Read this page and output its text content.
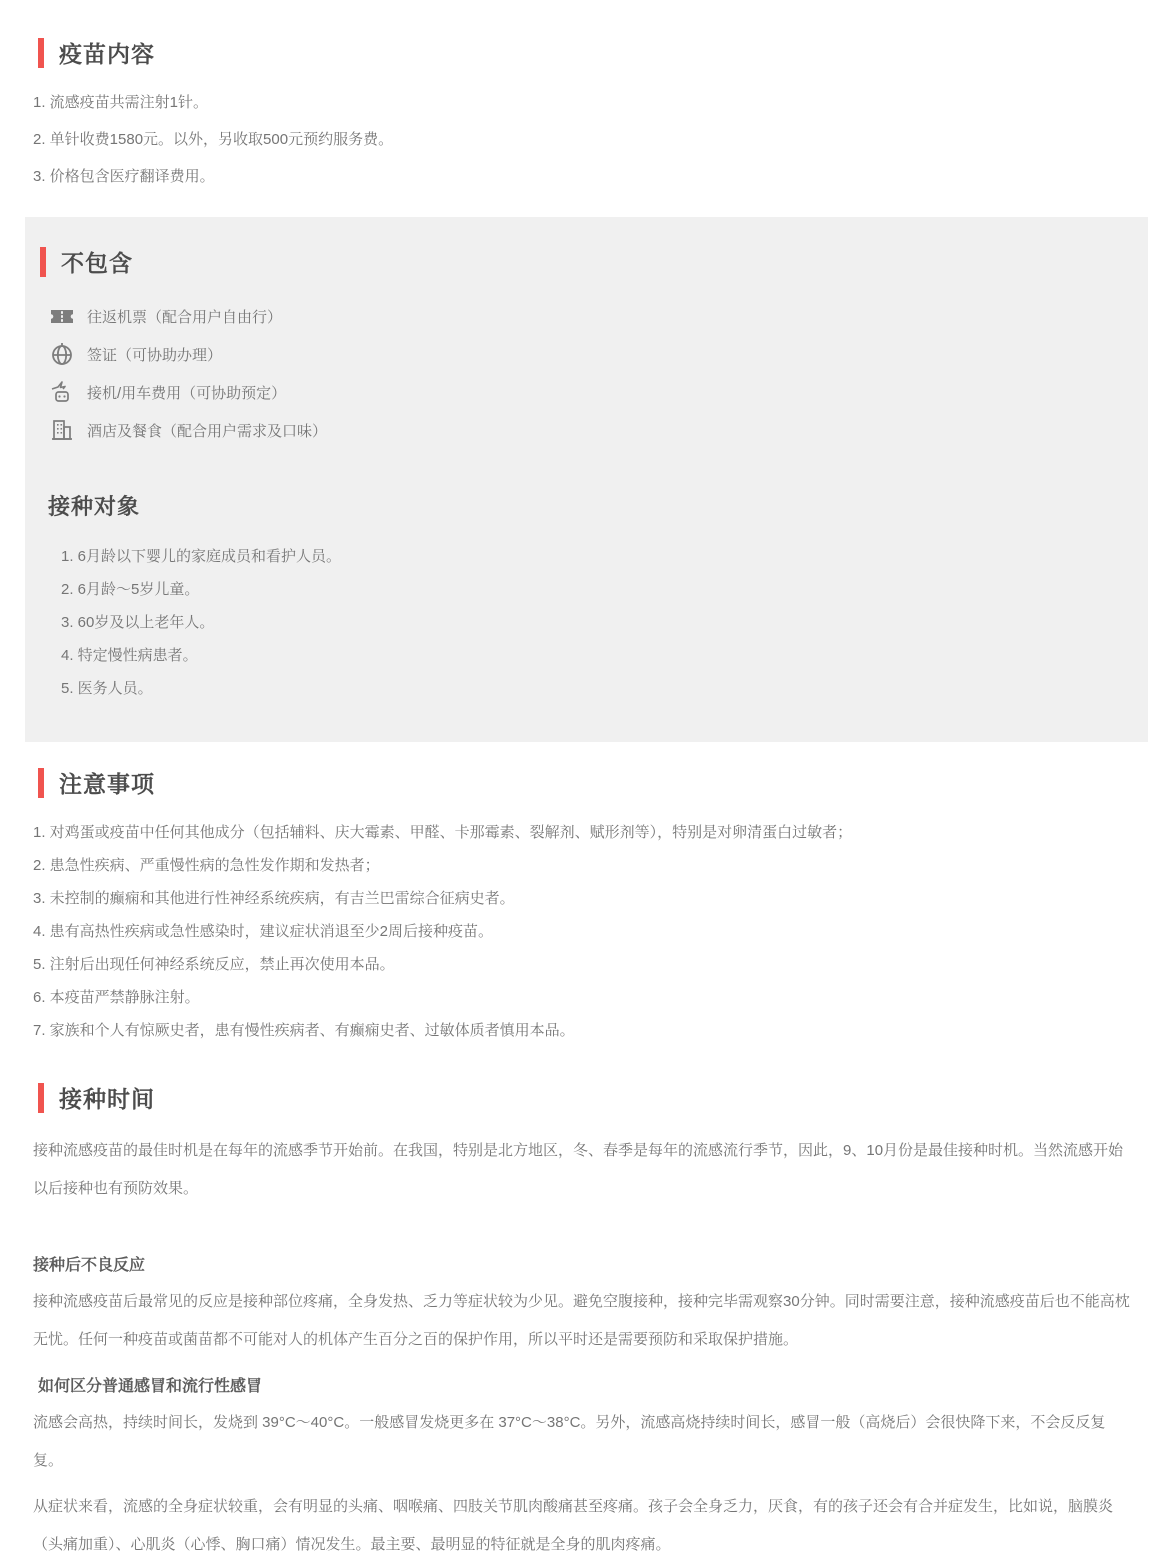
疫苗内容
1. 流感疫苗共需注射1针。
2. 单针收费1580元。以外，另收取500元预约服务费。
3. 价格包含医疗翻译费用。
不包含
往返机票（配合用户自由行）
签证（可协助办理）
接机/用车费用（可协助预定）
酒店及餐食（配合用户需求及口味）
接种对象
1. 6月龄以下婴儿的家庭成员和看护人员。
2. 6月龄～5岁儿童。
3. 60岁及以上老年人。
4. 特定慢性病患者。
5. 医务人员。
注意事项
1. 对鸡蛋或疫苗中任何其他成分（包括辅料、庆大霉素、甲醛、卡那霉素、裂解剂、赋形剂等），特别是对卵清蛋白过敏者；
2. 患急性疾病、严重慢性病的急性发作期和发热者；
3. 未控制的癫痫和其他进行性神经系统疾病，有吉兰巴雷综合征病史者。
4. 患有高热性疾病或急性感染时，建议症状消退至少2周后接种疫苗。
5. 注射后出现任何神经系统反应，禁止再次使用本品。
6. 本疫苗严禁静脉注射。
7. 家族和个人有惊厥史者，患有慢性疾病者、有癫痫史者、过敏体质者慎用本品。
接种时间

接种流感疫苗的最佳时机是在每年的流感季节开始前。在我国，特别是北方地区，冬、春季是每年的流感流行季节，因此，9、10月份是最佳接种时机。当然流感开始以后接种也有预防效果。

接种后不良反应

接种流感疫苗后最常见的反应是接种部位疼痛，全身发热、乏力等症状较为少见。避免空腹接种，接种完毕需观察30分钟。同时需要注意，接种流感疫苗后也不能高枕无忧。任何一种疫苗或菌苗都不可能对人的机体产生百分之百的保护作用，所以平时还是需要预防和采取保护措施。

如何区分普通感冒和流行性感冒

流感会高热，持续时间长，发烧到 39°C～40°C。一般感冒发烧更多在 37°C～38°C。另外，流感高烧持续时间长，感冒一般（高烧后）会很快降下来，不会反反复复。

从症状来看，流感的全身症状较重，会有明显的头痛、咽喉痛、四肢关节肌肉酸痛甚至疼痛。孩子会全身乏力，厌食，有的孩子还会有合并症发生，比如说，脑膜炎（头痛加重）、心肌炎（心悸、胸口痛）情况发生。最主要、最明显的特征就是全身的肌肉疼痛。
